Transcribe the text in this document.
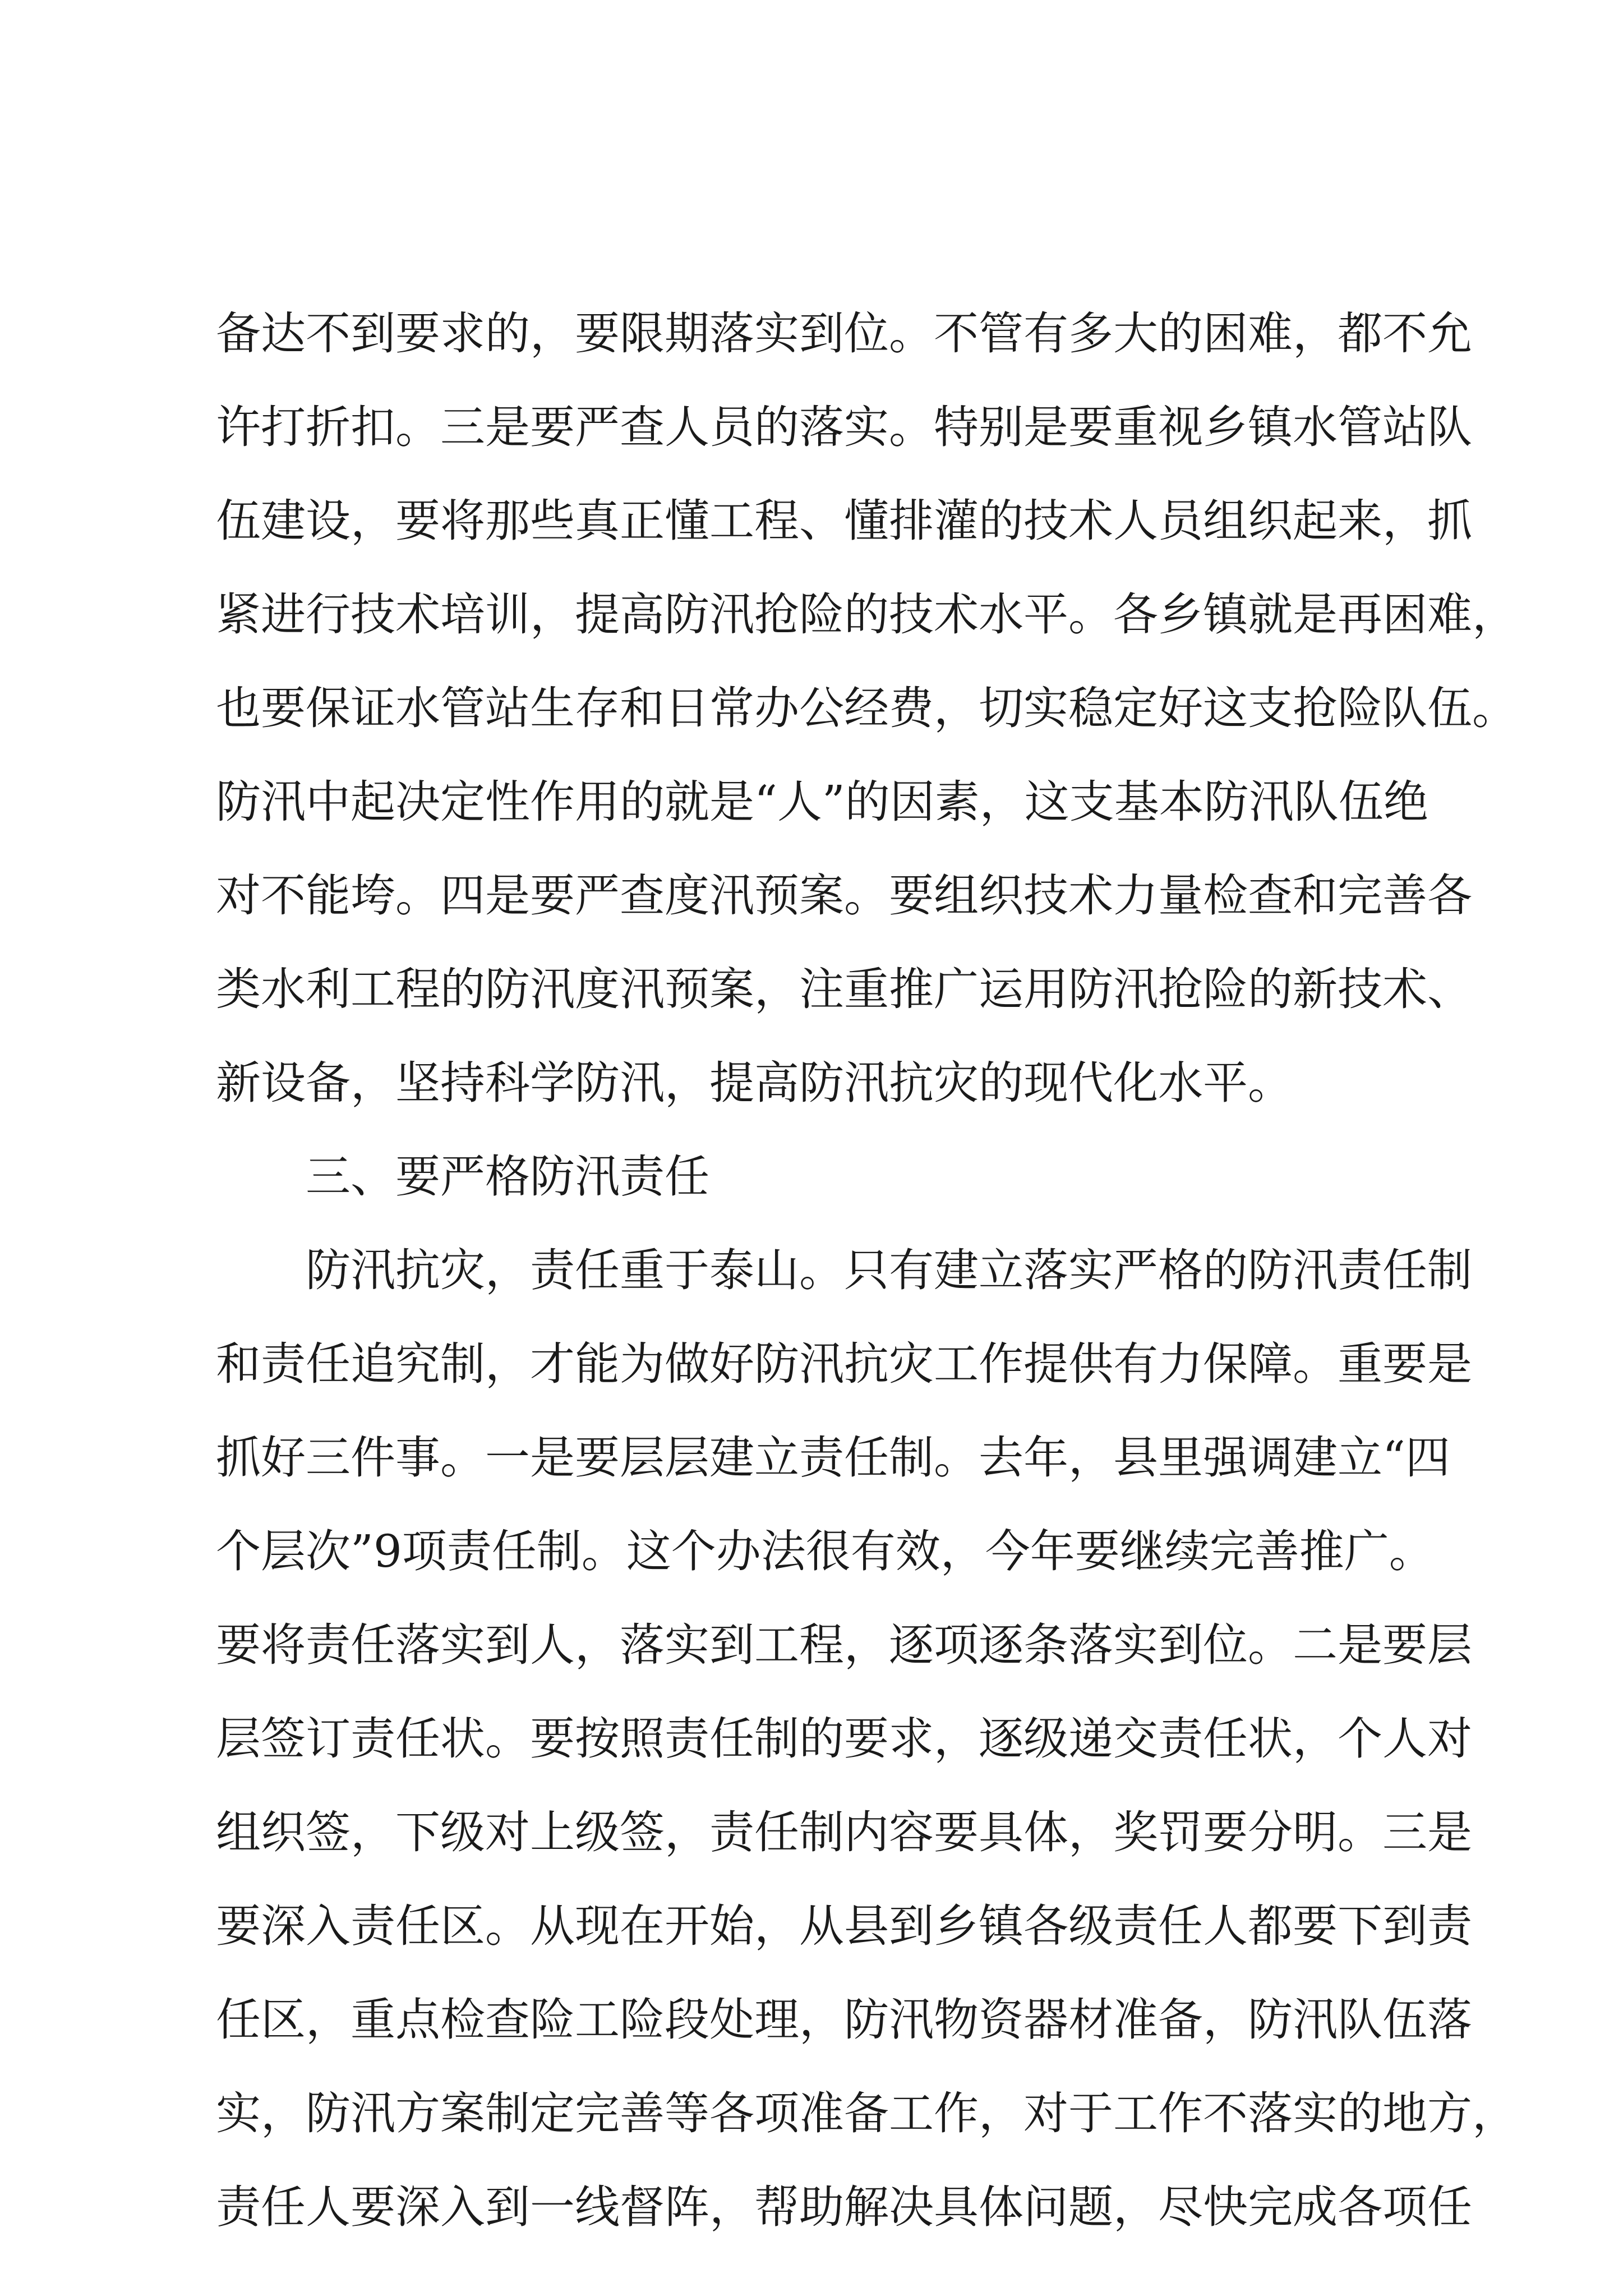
备达不到要求的，要限期落实到位。不管有多大的困难，都不允
许打折扣。三是要严查人员的落实。特别是要重视乡镇水管站队
伍建设，要将那些真正懂工程、懂排灌的技术人员组织起来，抓
紧进行技术培训，提高防汛抢险的技术水平。各乡镇就是再困难，
也要保证水管站生存和日常办公经费，切实稳定好这支抢险队伍。
防汛中起决定性作用的就是“人”的因素，这支基本防汛队伍绝
对不能垮。四是要严查度汛预案。要组织技术力量检查和完善各
类水利工程的防汛度汛预案，注重推广运用防汛抢险的新技术、
新设备，坚持科学防汛，提高防汛抗灾的现代化水平。
三、要严格防汛责任
防汛抗灾，责任重于泰山。只有建立落实严格的防汛责任制
和责任追究制，才能为做好防汛抗灾工作提供有力保障。重要是
抓好三件事。一是要层层建立责任制。去年，县里强调建立“四
个层次”9项责任制。这个办法很有效，今年要继续完善推广。
要将责任落实到人，落实到工程，逐项逐条落实到位。二是要层
层签订责任状。要按照责任制的要求，逐级递交责任状，个人对
组织签，下级对上级签，责任制内容要具体，奖罚要分明。三是
要深入责任区。从现在开始，从县到乡镇各级责任人都要下到责
任区，重点检查险工险段处理，防汛物资器材准备，防汛队伍落
实，防汛方案制定完善等各项准备工作，对于工作不落实的地方，
责任人要深入到一线督阵，帮助解决具体问题，尽快完成各项任
